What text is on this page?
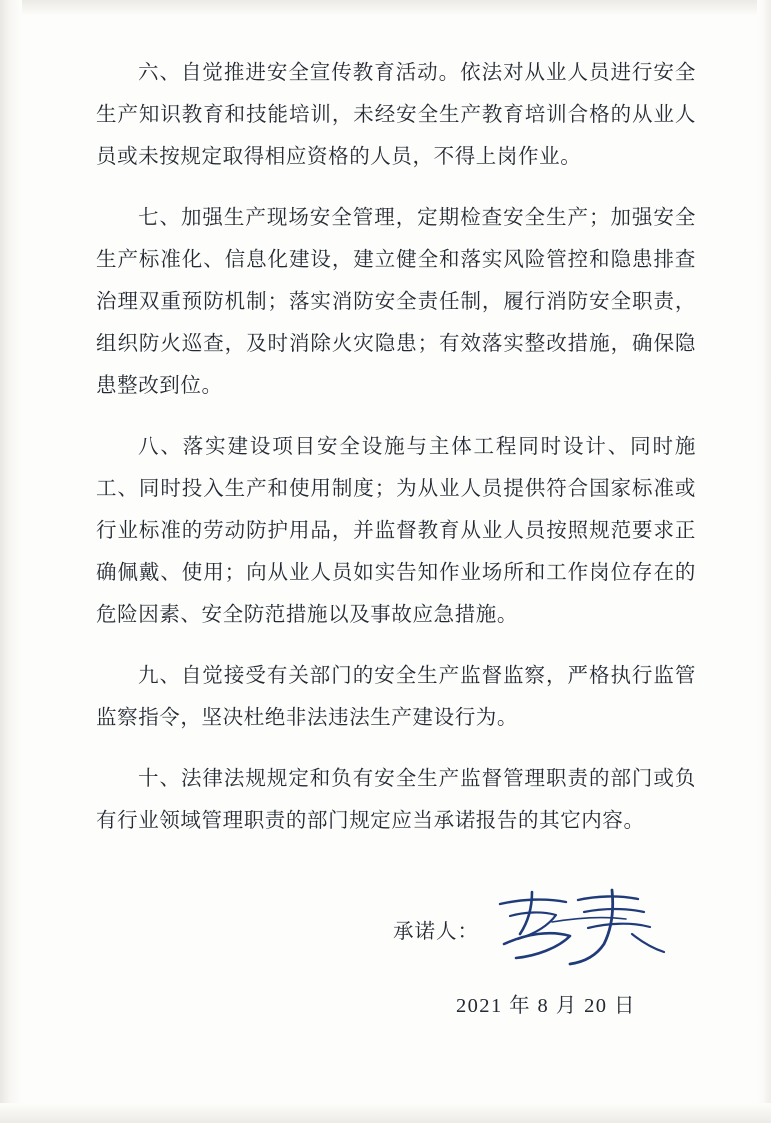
六、自觉推进安全宣传教育活动。依法对从业人员进行安全生产知识教育和技能培训，未经安全生产教育培训合格的从业人员或未按规定取得相应资格的人员，不得上岗作业。

七、加强生产现场安全管理，定期检查安全生产；加强安全生产标准化、信息化建设，建立健全和落实风险管控和隐患排查治理双重预防机制；落实消防安全责任制，履行消防安全职责，组织防火巡查，及时消除火灾隐患；有效落实整改措施，确保隐患整改到位。

八、落实建设项目安全设施与主体工程同时设计、同时施工、同时投入生产和使用制度；为从业人员提供符合国家标准或行业标准的劳动防护用品，并监督教育从业人员按照规范要求正确佩戴、使用；向从业人员如实告知作业场所和工作岗位存在的危险因素、安全防范措施以及事故应急措施。

九、自觉接受有关部门的安全生产监督监察，严格执行监管监察指令，坚决杜绝非法违法生产建设行为。

十、法律法规规定和负有安全生产监督管理职责的部门或负有行业领域管理职责的部门规定应当承诺报告的其它内容。

承诺人：
2021 年 8 月 20 日
